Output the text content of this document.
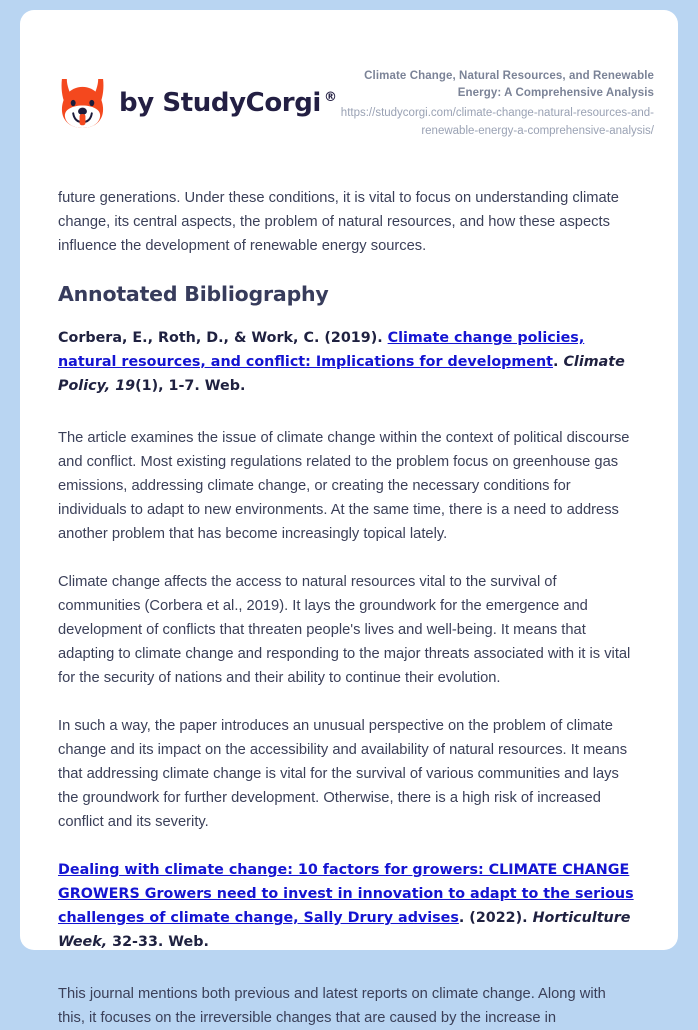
by StudyCorgi ®
Climate Change, Natural Resources, and Renewable Energy: A Comprehensive Analysis
https://studycorgi.com/climate-change-natural-resources-and-renewable-energy-a-comprehensive-analysis/

future generations. Under these conditions, it is vital to focus on understanding climate change, its central aspects, the problem of natural resources, and how these aspects influence the development of renewable energy sources.

Annotated Bibliography
Corbera, E., Roth, D., & Work, C. (2019). Climate change policies, natural resources, and conflict: Implications for development. Climate Policy, 19(1), 1-7. Web.

The article examines the issue of climate change within the context of political discourse and conflict. Most existing regulations related to the problem focus on greenhouse gas emissions, addressing climate change, or creating the necessary conditions for individuals to adapt to new environments. At the same time, there is a need to address another problem that has become increasingly topical lately.

Climate change affects the access to natural resources vital to the survival of communities (Corbera et al., 2019). It lays the groundwork for the emergence and development of conflicts that threaten people's lives and well-being. It means that adapting to climate change and responding to the major threats associated with it is vital for the security of nations and their ability to continue their evolution.

In such a way, the paper introduces an unusual perspective on the problem of climate change and its impact on the accessibility and availability of natural resources. It means that addressing climate change is vital for the survival of various communities and lays the groundwork for further development. Otherwise, there is a high risk of increased conflict and its severity.

Dealing with climate change: 10 factors for growers: CLIMATE CHANGE GROWERS Growers need to invest in innovation to adapt to the serious challenges of climate change, Sally Drury advises. (2022). Horticulture Week, 32-33. Web.

This journal mentions both previous and latest reports on climate change. Along with this, it focuses on the irreversible changes that are caused by the increase in
